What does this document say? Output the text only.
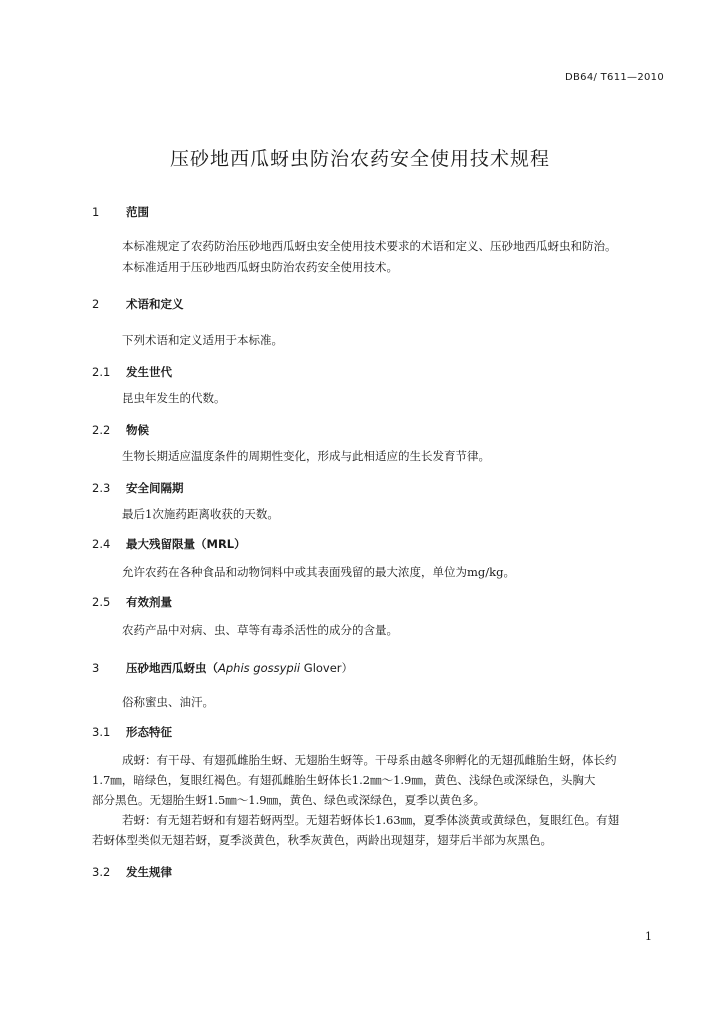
DB64/ T611—2010
压砂地西瓜蚜虫防治农药安全使用技术规程
1 范围
本标准规定了农药防治压砂地西瓜蚜虫安全使用技术要求的术语和定义、压砂地西瓜蚜虫和防治。
本标准适用于压砂地西瓜蚜虫防治农药安全使用技术。
2 术语和定义
下列术语和定义适用于本标准。
2.1 发生世代
昆虫年发生的代数。
2.2 物候
生物长期适应温度条件的周期性变化，形成与此相适应的生长发育节律。
2.3 安全间隔期
最后1次施药距离收获的天数。
2.4 最大残留限量（MRL）
允许农药在各种食品和动物饲料中或其表面残留的最大浓度，单位为mg/kg。
2.5 有效剂量
农药产品中对病、虫、草等有毒杀活性的成分的含量。
3 压砂地西瓜蚜虫（Aphis gossypii Glover）
俗称蜜虫、油汗。
3.1 形态特征
成蚜：有干母、有翅孤雌胎生蚜、无翅胎生蚜等。干母系由越冬卵孵化的无翅孤雌胎生蚜，体长约
1.7㎜，暗绿色，复眼红褐色。有翅孤雌胎生蚜体长1.2㎜～1.9㎜，黄色、浅绿色或深绿色，头胸大
部分黑色。无翅胎生蚜1.5㎜～1.9㎜，黄色、绿色或深绿色，夏季以黄色多。
若蚜：有无翅若蚜和有翅若蚜两型。无翅若蚜体长1.63㎜，夏季体淡黄或黄绿色，复眼红色。有翅
若蚜体型类似无翅若蚜，夏季淡黄色，秋季灰黄色，两龄出现翅芽，翅芽后半部为灰黑色。
3.2 发生规律
1
